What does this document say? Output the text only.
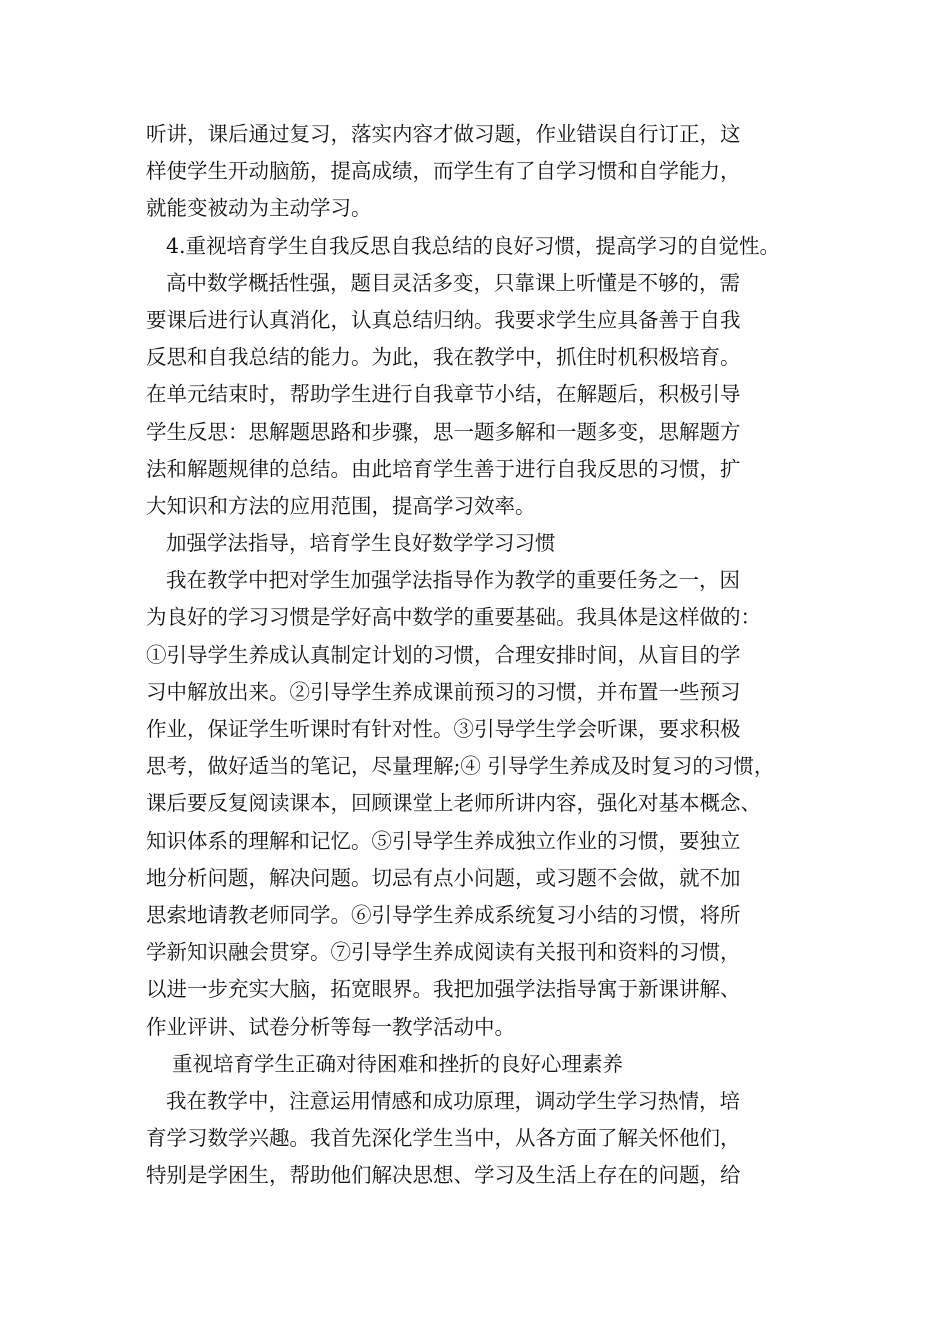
听讲，课后通过复习，落实内容才做习题，作业错误自行订正，这
样使学生开动脑筋，提高成绩，而学生有了自学习惯和自学能力，
就能变被动为主动学习。
4.重视培育学生自我反思自我总结的良好习惯，提高学习的自觉性。
高中数学概括性强，题目灵活多变，只靠课上听懂是不够的，需
要课后进行认真消化，认真总结归纳。我要求学生应具备善于自我
反思和自我总结的能力。为此，我在教学中，抓住时机积极培育。
在单元结束时，帮助学生进行自我章节小结，在解题后，积极引导
学生反思：思解题思路和步骤，思一题多解和一题多变，思解题方
法和解题规律的总结。由此培育学生善于进行自我反思的习惯，扩
大知识和方法的应用范围，提高学习效率。
加强学法指导，培育学生良好数学学习习惯
我在教学中把对学生加强学法指导作为教学的重要任务之一，因
为良好的学习习惯是学好高中数学的重要基础。我具体是这样做的：
①引导学生养成认真制定计划的习惯，合理安排时间，从盲目的学
习中解放出来。②引导学生养成课前预习的习惯，并布置一些预习
作业，保证学生听课时有针对性。③引导学生学会听课，要求积极
思考，做好适当的笔记，尽量理解;④ 引导学生养成及时复习的习惯，
课后要反复阅读课本，回顾课堂上老师所讲内容，强化对基本概念、
知识体系的理解和记忆。⑤引导学生养成独立作业的习惯，要独立
地分析问题，解决问题。切忌有点小问题，或习题不会做，就不加
思索地请教老师同学。⑥引导学生养成系统复习小结的习惯，将所
学新知识融会贯穿。⑦引导学生养成阅读有关报刊和资料的习惯，
以进一步充实大脑，拓宽眼界。我把加强学法指导寓于新课讲解、
作业评讲、试卷分析等每一教学活动中。
重视培育学生正确对待困难和挫折的良好心理素养
我在教学中，注意运用情感和成功原理，调动学生学习热情，培
育学习数学兴趣。我首先深化学生当中，从各方面了解关怀他们，
特别是学困生，帮助他们解决思想、学习及生活上存在的问题，给
